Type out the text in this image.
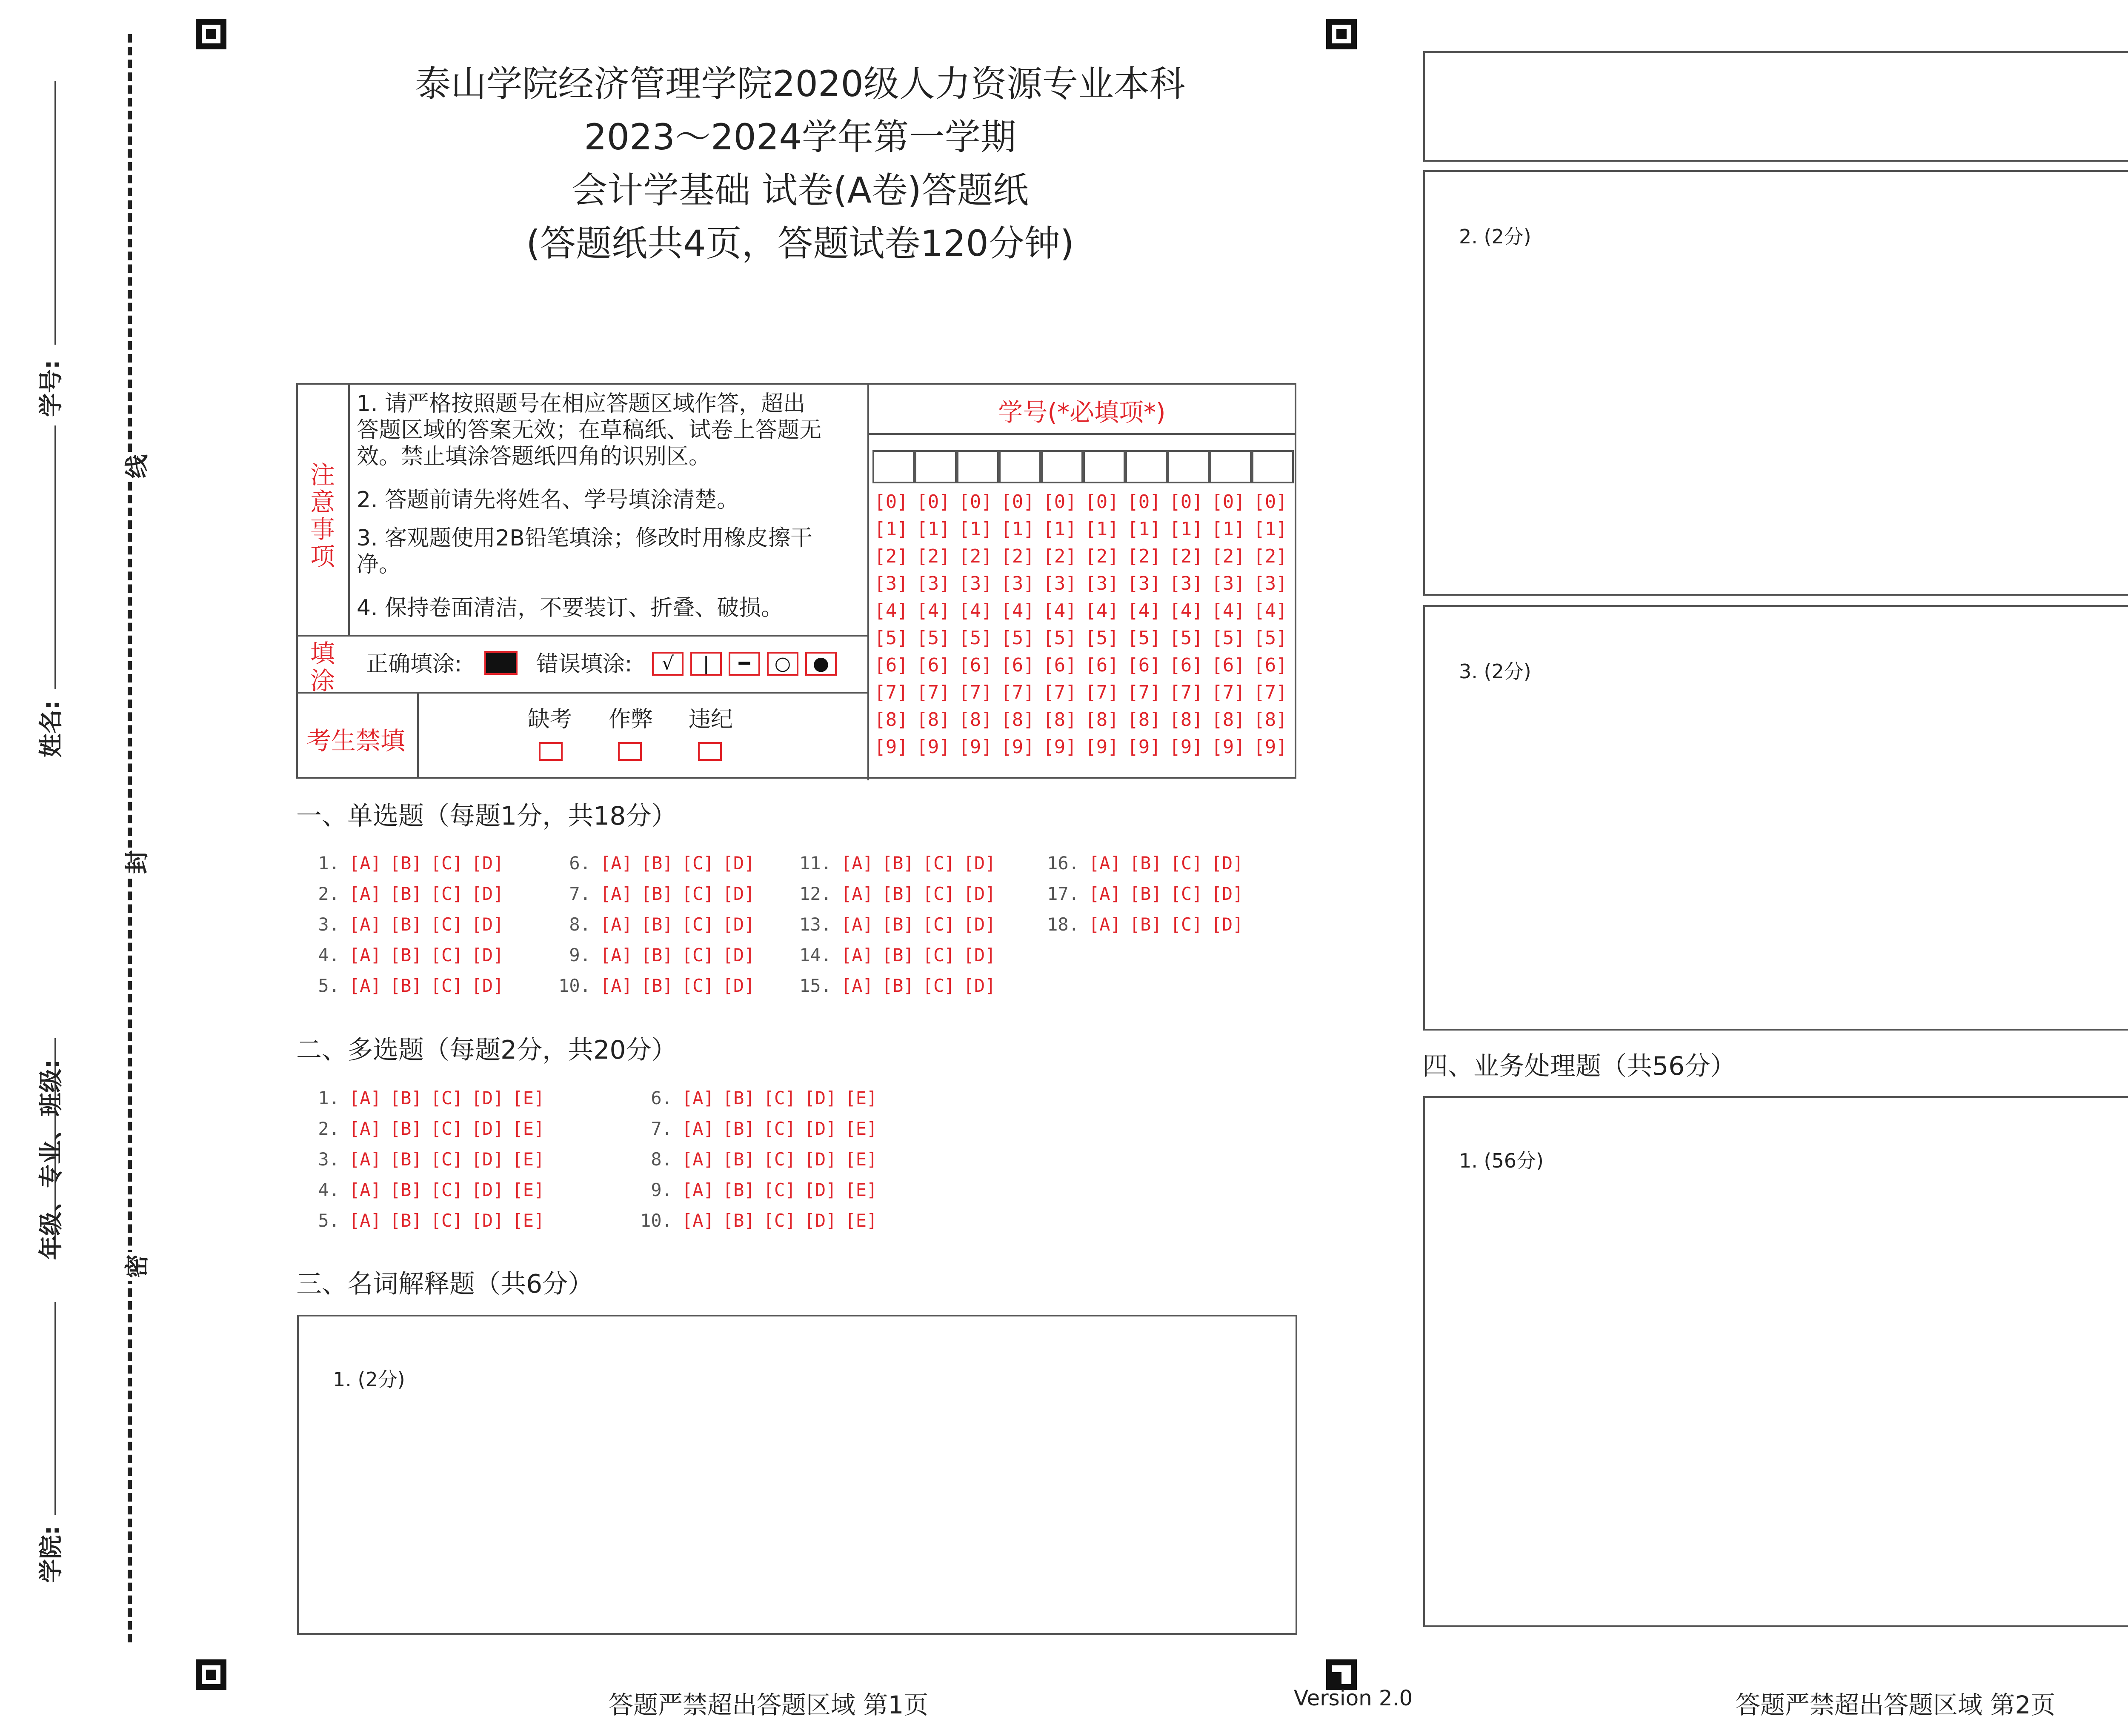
学号:
姓名:
年级、专业、班级:
学院:
线
封
密
泰山学院经济管理学院2020级人力资源专业本科
2023～2024学年第一学期
会计学基础 试卷(A卷)答题纸
(答题纸共4页，答题试卷120分钟)
注意事项
1. 请严格按照题号在相应答题区域作答，超出答题区域的答案无效；在草稿纸、试卷上答题无效。禁止填涂答题纸四角的识别区。
2. 答题前请先将姓名、学号填涂清楚。
3. 客观题使用2B铅笔填涂；修改时用橡皮擦干净。
4. 保持卷面清洁，不要装订、折叠、破损。
填涂
正确填涂:	错误填涂:	√	|	━	○	●
考生禁填
缺考 作弊 违纪
学号(*必填项*)
[0] [0] [0] [0] [0] [0] [0] [0] [0] [0]
[1] [1] [1] [1] [1] [1] [1] [1] [1] [1]
[2] [2] [2] [2] [2] [2] [2] [2] [2] [2]
[3] [3] [3] [3] [3] [3] [3] [3] [3] [3]
[4] [4] [4] [4] [4] [4] [4] [4] [4] [4]
[5] [5] [5] [5] [5] [5] [5] [5] [5] [5]
[6] [6] [6] [6] [6] [6] [6] [6] [6] [6]
[7] [7] [7] [7] [7] [7] [7] [7] [7] [7]
[8] [8] [8] [8] [8] [8] [8] [8] [8] [8]
[9] [9] [9] [9] [9] [9] [9] [9] [9] [9]
一、单选题（每题1分，共18分）
1. [A] [B] [C] [D]
2. [A] [B] [C] [D]
3. [A] [B] [C] [D]
4. [A] [B] [C] [D]
5. [A] [B] [C] [D]
6. [A] [B] [C] [D]
7. [A] [B] [C] [D]
8. [A] [B] [C] [D]
9. [A] [B] [C] [D]
10. [A] [B] [C] [D]
11. [A] [B] [C] [D]
12. [A] [B] [C] [D]
13. [A] [B] [C] [D]
14. [A] [B] [C] [D]
15. [A] [B] [C] [D]
16. [A] [B] [C] [D]
17. [A] [B] [C] [D]
18. [A] [B] [C] [D]
二、多选题（每题2分，共20分）
1. [A] [B] [C] [D] [E]
2. [A] [B] [C] [D] [E]
3. [A] [B] [C] [D] [E]
4. [A] [B] [C] [D] [E]
5. [A] [B] [C] [D] [E]
6. [A] [B] [C] [D] [E]
7. [A] [B] [C] [D] [E]
8. [A] [B] [C] [D] [E]
9. [A] [B] [C] [D] [E]
10. [A] [B] [C] [D] [E]
三、名词解释题（共6分）
1. (2分)
2. (2分)
3. (2分)
四、业务处理题（共56分）
1. (56分)
答题严禁超出答题区域 第1页	Version 2.0	答题严禁超出答题区域 第2页
